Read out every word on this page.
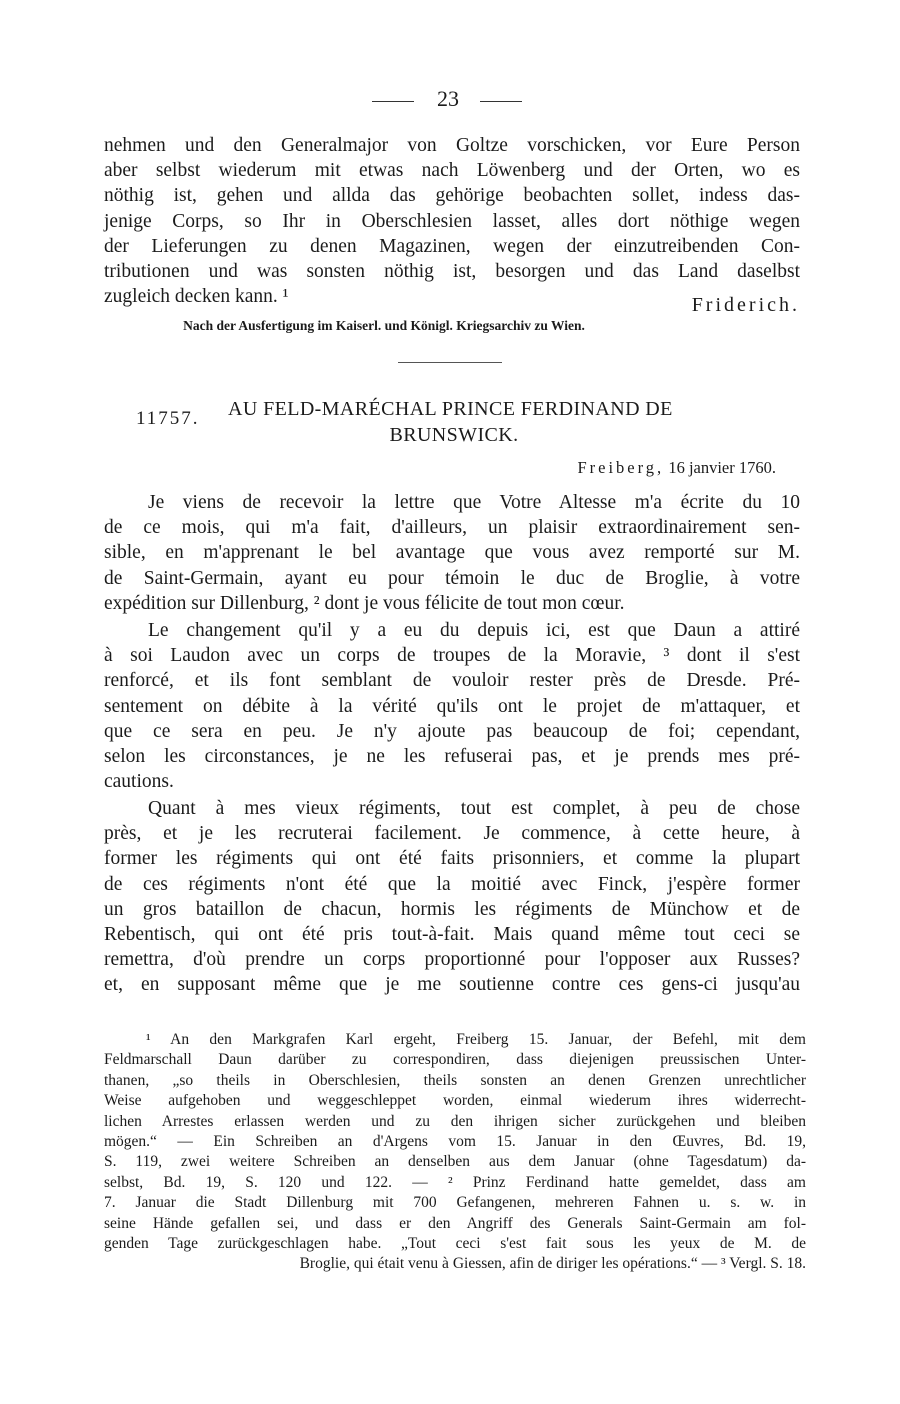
23
nehmen und den Generalmajor von Goltze vorschicken, vor Eure Person
aber selbst wiederum mit etwas nach Löwenberg und der Orten, wo es
nöthig ist, gehen und allda das gehörige beobachten sollet, indess das-
jenige Corps, so Ihr in Oberschlesien lasset, alles dort nöthige wegen
der Lieferungen zu denen Magazinen, wegen der einzutreibenden Con-
tributionen und was sonsten nöthig ist, besorgen und das Land daselbst
zugleich decken kann. ¹	Friderich.
Nach der Ausfertigung im Kaiserl. und Königl. Kriegsarchiv zu Wien.
11757. AU FELD-MARÉCHAL PRINCE FERDINAND DE
BRUNSWICK.
Freiberg, 16 janvier 1760.
Je viens de recevoir la lettre que Votre Altesse m'a écrite du 10
de ce mois, qui m'a fait, d'ailleurs, un plaisir extraordinairement sen-
sible, en m'apprenant le bel avantage que vous avez remporté sur M.
de Saint-Germain, ayant eu pour témoin le duc de Broglie, à votre
expédition sur Dillenburg, ² dont je vous félicite de tout mon cœur.
Le changement qu'il y a eu du depuis ici, est que Daun a attiré
à soi Laudon avec un corps de troupes de la Moravie, ³ dont il s'est
renforcé, et ils font semblant de vouloir rester près de Dresde. Pré-
sentement on débite à la vérité qu'ils ont le projet de m'attaquer, et
que ce sera en peu. Je n'y ajoute pas beaucoup de foi; cependant,
selon les circonstances, je ne les refuserai pas, et je prends mes pré-
cautions.
Quant à mes vieux régiments, tout est complet, à peu de chose
près, et je les recruterai facilement. Je commence, à cette heure, à
former les régiments qui ont été faits prisonniers, et comme la plupart
de ces régiments n'ont été que la moitié avec Finck, j'espère former
un gros bataillon de chacun, hormis les régiments de Münchow et de
Rebentisch, qui ont été pris tout-à-fait. Mais quand même tout ceci se
remettra, d'où prendre un corps proportionné pour l'opposer aux Russes?
et, en supposant même que je me soutienne contre ces gens-ci jusqu'au
¹ An den Markgrafen Karl ergeht, Freiberg 15. Januar, der Befehl, mit dem
Feldmarschall Daun darüber zu correspondiren, dass diejenigen preussischen Unter-
thanen, „so theils in Oberschlesien, theils sonsten an denen Grenzen unrechtlicher
Weise aufgehoben und weggeschleppet worden, einmal wiederum ihres widerrecht-
lichen Arrestes erlassen werden und zu den ihrigen sicher zurückgehen und bleiben
mögen.“ — Ein Schreiben an d'Argens vom 15. Januar in den Œuvres, Bd. 19,
S. 119, zwei weitere Schreiben an denselben aus dem Januar (ohne Tagesdatum) da-
selbst, Bd. 19, S. 120 und 122. — ² Prinz Ferdinand hatte gemeldet, dass am
7. Januar die Stadt Dillenburg mit 700 Gefangenen, mehreren Fahnen u. s. w. in
seine Hände gefallen sei, und dass er den Angriff des Generals Saint-Germain am fol-
genden Tage zurückgeschlagen habe. „Tout ceci s'est fait sous les yeux de M. de
Broglie, qui était venu à Giessen, afin de diriger les opérations.“ — ³ Vergl. S. 18.
